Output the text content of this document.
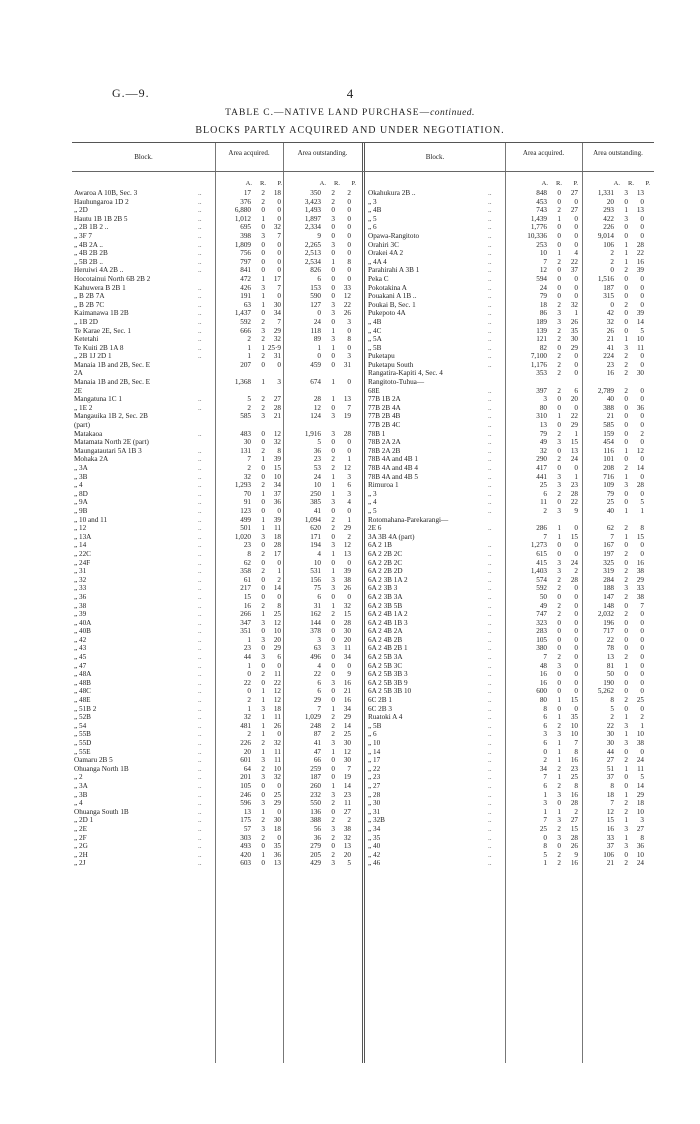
G.—9.	4
TABLE C.—NATIVE LAND PURCHASE—continued.
BLOCKS PARTLY ACQUIRED AND UNDER NEGOTIATION.
Block.	Area acquired.	Area outstanding.	Block.	Area acquired.	Area outstanding.
A.	R.	P.	A.	R.	P.	A.	R.	P.	A.	R.	P.
Awaroa A 10B, Sec. 3	..	17	2	18	350	2	2
Hauhungaroa 1D 2	..	376	2	0	3,423	2	0
„ 2D	..	6,880	0	0	1,493	0	0
Hautu 1B 1B 2B 5	..	1,012	1	0	1,897	3	0
„ 2B 1B 2 ..	..	695	0	32	2,334	0	0
„ 3F 7	..	398	3	7	9	0	0
„ 4B 2A ..	..	1,809	0	0	2,265	3	0
„ 4B 2B 2B	..	756	0	0	2,513	0	0
„ 5B 2B ..	..	797	0	0	2,534	1	8
Heruiwi 4A 2B ..	..	841	0	0	826	0	0
Hocotainui North 6B 2B 2	472	1	17	6	0	0
Kahuwera B 2B 1	..	426	3	7	153	0	33
„ B 2B 7A	..	191	1	0	590	0	12
„ B 2B 7C	..	63	1	30	127	3	22
Kaimanawa 1B 2B	..	1,437	0	34	0	3	26
„ 1B 2D	..	592	2	7	24	0	3
Te Karae 2E, Sec. 1	..	666	3	29	118	1	0
Ketetahi	..	2	2	32	89	3	8
Te Kuiti 2B 1A 8	..	1	1 25·9	1	1	0
„ 2B 1J 2D 1	..	1	2	31	0	0	3
Manaia 1B and 2B, Sec. E	207	0	0	459	0	31
2A
Manaia 1B and 2B, Sec. E	1,368	1	3	674	1	0
2E
Mangatuna 1C 1	..	5	2	27	28	1	13
„ 1E 2	..	2	2	28	12	0	7
Mangauika 1B 2, Sec. 2B	585	3	21	124	3	19
(part)
Matakaoa	..	483	0	12	1,916	3	28
Matamata North 2E (part)	30	0	32	5	0	0
Maungatautari 5A 1B 3	..	131	2	8	36	0	0
Mohaka 2A	..	7	1	39	23	2	1
„ 3A	..	2	0	15	53	2	12
„ 3B	..	32	0	10	24	1	3
„ 4	..	1,293	2	34	10	1	6
„ 8D	..	70	1	37	250	1	3
„ 9A	..	91	0	36	385	3	4
„ 9B	..	123	0	0	41	0	0
„ 10 and 11	..	499	1	39	1,094	2	1
„ 12	..	501	1	11	620	2	29
„ 13A	..	1,020	3	18	171	0	2
„ 14	..	23	0	28	194	3	12
„ 22C	..	8	2	17	4	1	13
„ 24F	..	62	0	0	10	0	0
„ 31	..	358	2	1	531	1	39
„ 32	..	61	0	2	156	3	38
„ 33	..	217	0	14	75	3	26
„ 36	..	15	0	0	6	0	0
„ 38	..	16	2	8	31	1	32
„ 39	..	266	1	25	162	2	15
„ 40A	..	347	3	12	144	0	28
„ 40B	..	351	0	10	378	0	30
„ 42	..	1	3	20	3	0	20
„ 43	..	23	0	29	63	3	11
„ 45	..	44	3	6	496	0	34
„ 47	..	1	0	0	4	0	0
„ 48A	..	0	2	11	22	0	9
„ 48B	..	22	0	22	6	3	16
„ 48C	..	0	1	12	6	0	21
„ 48E	..	2	1	12	29	0	16
„ 51B 2	..	1	3	18	7	1	34
„ 52B	..	32	1	11	1,029	2	29
„ 54	..	481	1	26	248	2	14
„ 55B	..	2	1	0	87	2	25
„ 55D	..	226	2	32	41	3	30
„ 55E	..	20	1	11	47	1	12
Oamaru 2B 5	..	601	3	11	66	0	30
Ohuanga North 1B	..	64	2	10	259	0	7
„ 2	..	201	3	32	187	0	19
„ 3A	..	105	0	0	260	1	14
„ 3B	..	246	0	25	232	3	23
„ 4	..	596	3	29	550	2	11
Ohuanga South 1B	..	13	1	0	136	0	27
„ 2D 1	..	175	2	30	388	2	2
„ 2E	..	57	3	18	56	3	38
„ 2F	..	303	2	0	36	2	32
„ 2G	..	493	0	35	279	0	13
„ 2H	..	420	1	36	205	2	20
„ 2J	..	603	0	13	429	3	5
Okahukura 2B ..	..	848	0	27	1,331	3	13
„ 3	..	453	0	0	20	0	0
„ 4B	..	743	2	27	293	1	13
„ 5	..	1,439	1	0	422	3	0
„ 6	..	1,776	0	0	226	0	0
Opawa-Rangitoto	..	10,336	0	0	9,014	0	0
Orahiri 3C	..	253	0	0	106	1	28
Orakei 4A 2	..	10	1	4	2	1	22
„ 4A 4	..	7	2	22	2	1	16
Parahirahi A 3B 1	..	12	0	37	0	2	39
Peka C	..	594	0	0	1,516	0	0
Pokotakina A	..	24	0	0	187	0	0
Pouakani A 1B ..	..	79	0	0	315	0	0
Poukai B, Sec. 1	..	18	2	32	0	2	0
Pukepoto 4A	..	86	3	1	42	0	39
„ 4B	..	189	3	26	32	0	14
„ 4C	..	139	2	35	26	0	5
„ 5A	..	121	2	30	21	1	10
„ 5B	..	82	0	29	41	3	11
Puketapu	..	7,100	2	0	224	2	0
Puketapu South	..	1,176	2	0	23	2	0
Rangatira-Kapiti 4, Sec. 4	353	2	0	16	2	30
Rangitoto-Tuhua—
68E	..	397	2	6	2,789	2	0
77B 1B 2A	..	3	0	20	40	0	0
77B 2B 4A	..	80	0	0	388	0	36
77B 2B 4B	..	310	1	22	21	0	0
77B 2B 4C	..	13	0	29	585	0	0
78B 1	..	79	2	1	159	0	2
78B 2A 2A	..	49	3	15	454	0	0
78B 2A 2B	..	32	0	13	116	1	12
78B 4A and 4B 1	..	290	2	24	101	0	0
78B 4A and 4B 4	..	417	0	0	208	2	14
78B 4A and 4B 5	..	441	3	1	716	1	0
Rimuroa 1	..	25	3	23	109	3	28
„ 3	..	6	2	28	79	0	0
„ 4	..	11	0	22	25	0	5
„ 5	..	2	3	9	40	1	1
Rotomahana-Parekarangi—
2E 6	..	286	1	0	62	2	8
3A 3B 4A (part)	7	1	15	7	1	15
6A 2 1B	..	1,273	0	0	167	0	0
6A 2 2B 2C	..	615	0	0	197	2	0
6A 2 2B 2C	..	415	3	24	325	0	16
6A 2 2B 2D	..	1,403	3	2	319	2	38
6A 2 3B 1A 2	..	574	2	28	284	2	29
6A 2 3B 3	..	592	2	0	188	3	33
6A 2 3B 3A	..	50	0	0	147	2	38
6A 2 3B 5B	..	49	2	0	148	0	7
6A 2 4B 1A 2	..	747	2	0	2,032	2	0
6A 2 4B 1B 3	..	323	0	0	196	0	0
6A 2 4B 2A	..	283	0	0	717	0	0
6A 2 4B 2B	..	105	0	0	22	0	0
6A 2 4B 2B 1	..	380	0	0	78	0	0
6A 2 5B 3A	..	7	2	0	13	2	0
6A 2 5B 3C	..	48	3	0	81	1	0
6A 2 5B 3B 3	..	16	0	0	50	0	0
6A 2 5B 3B 9	..	16	0	0	190	0	0
6A 2 5B 3B 10	..	600	0	0	5,262	0	0
6C 2B 1	..	80	1	15	8	2	25
6C 2B 3	..	8	0	0	5	0	0
Ruatoki A 4	..	6	1	35	2	1	2
„ 5B	..	6	2	10	22	3	1
„ 6	..	3	3	10	30	1	10
„ 10	..	6	1	7	30	3	38
„ 14	..	0	1	8	44	0	0
„ 17	..	2	1	16	27	2	24
„ 22	..	34	2	23	51	1	11
„ 23	..	7	1	25	37	0	5
„ 27	..	6	2	8	8	0	14
„ 28	..	1	3	16	18	1	29
„ 30	..	3	0	28	7	2	18
„ 31	..	1	1	2	12	2	10
„ 32B	..	7	3	27	15	1	3
„ 34	..	25	2	15	16	3	27
„ 35	..	0	3	28	33	1	8
„ 40	..	8	0	26	37	3	36
„ 42	..	5	2	9	106	0	10
„ 46	..	1	2	16	21	2	24
